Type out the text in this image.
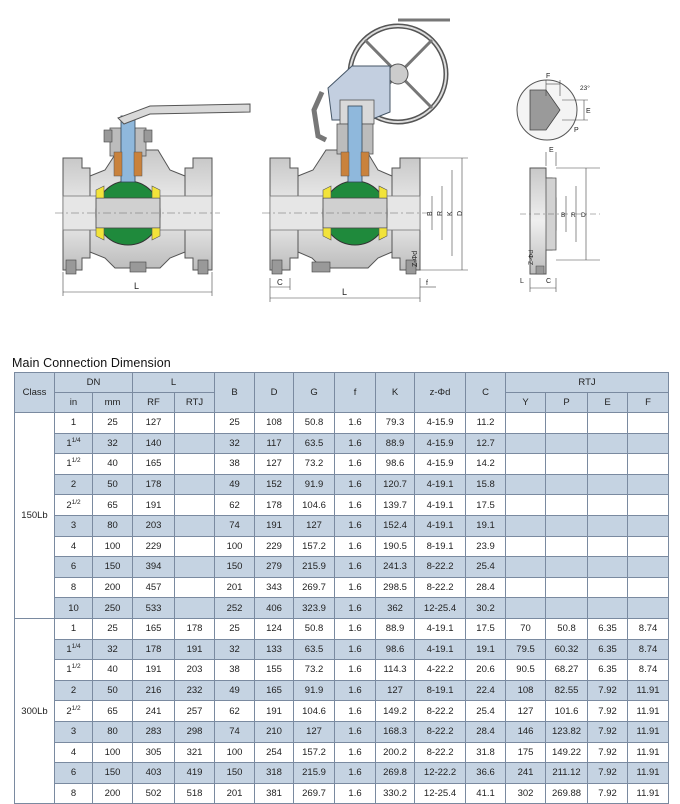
L
B R K D
Z-Φd
C
L
f
F
23°
E
P
B R D
E
Z-Φd
L	C
Main Connection Dimension
Class	DN		L		B	D	G	f	K	z-Φd	C	RTJ			
	in	mm	RF	RTJ								Y	P	E	F
150Lb	1	25	127		25	108	50.8	1.6	79.3	4-15.9	11.2				
	$1^{1/4}$	32	140		32	117	63.5	1.6	88.9	4-15.9	12.7				
	$1^{1/2}$	40	165		38	127	73.2	1.6	98.6	4-15.9	14.2				
	2	50	178		49	152	91.9	1.6	120.7	4-19.1	15.8				
	$2^{1/2}$	65	191		62	178	104.6	1.6	139.7	4-19.1	17.5				
	3	80	203		74	191	127	1.6	152.4	4-19.1	19.1				
	4	100	229		100	229	157.2	1.6	190.5	8-19.1	23.9				
	6	150	394		150	279	215.9	1.6	241.3	8-22.2	25.4				
	8	200	457		201	343	269.7	1.6	298.5	8-22.2	28.4				
	10	250	533		252	406	323.9	1.6	362	12-25.4	30.2				
300Lb	1	25	165	178	25	124	50.8	1.6	88.9	4-19.1	17.5	70	50.8	6.35	8.74
	$1^{1/4}$	32	178	191	32	133	63.5	1.6	98.6	4-19.1	19.1	79.5	60.32	6.35	8.74
	$1^{1/2}$	40	191	203	38	155	73.2	1.6	114.3	4-22.2	20.6	90.5	68.27	6.35	8.74
	2	50	216	232	49	165	91.9	1.6	127	8-19.1	22.4	108	82.55	7.92	11.91
	$2^{1/2}$	65	241	257	62	191	104.6	1.6	149.2	8-22.2	25.4	127	101.6	7.92	11.91
	3	80	283	298	74	210	127	1.6	168.3	8-22.2	28.4	146	123.82	7.92	11.91
	4	100	305	321	100	254	157.2	1.6	200.2	8-22.2	31.8	175	149.22	7.92	11.91
	6	150	403	419	150	318	215.9	1.6	269.8	12-22.2	36.6	241	211.12	7.92	11.91
	8	200	502	518	201	381	269.7	1.6	330.2	12-25.4	41.1	302	269.88	7.92	11.91
